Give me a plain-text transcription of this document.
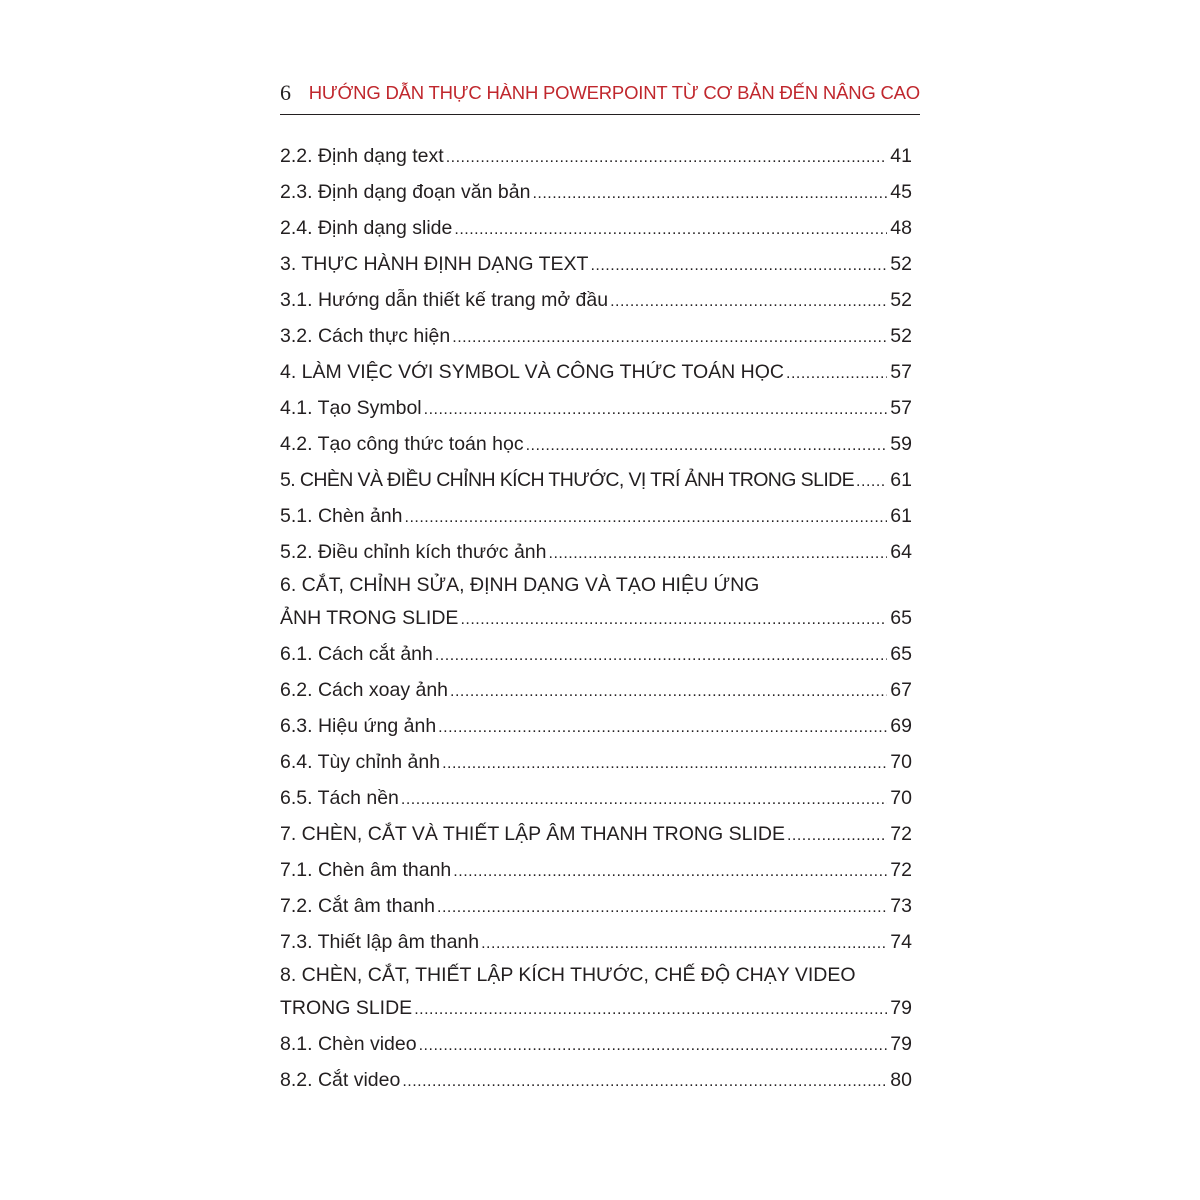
6 HƯỚNG DẪN THỰC HÀNH POWERPOINT TỪ CƠ BẢN ĐẾN NÂNG CAO
2.2. Định dạng text .....	41
2.3. Định dạng đoạn văn bản .....	45
2.4. Định dạng slide .....	48
3. THỰC HÀNH ĐỊNH DẠNG TEXT .....	52
3.1. Hướng dẫn thiết kế trang mở đầu .....	52
3.2. Cách thực hiện .....	52
4. LÀM VIỆC VỚI SYMBOL VÀ CÔNG THỨC TOÁN HỌC .....	57
4.1. Tạo Symbol .....	57
4.2. Tạo công thức toán học .....	59
5. CHÈN VÀ ĐIỀU CHỈNH KÍCH THƯỚC, VỊ TRÍ ẢNH TRONG SLIDE ..... 61
5.1. Chèn ảnh .....	61
5.2. Điều chỉnh kích thước ảnh .....	64
6. CẮT, CHỈNH SỬA, ĐỊNH DẠNG VÀ TẠO HIỆU ỨNG
ẢNH TRONG SLIDE .....	65
6.1. Cách cắt ảnh .....	65
6.2. Cách xoay ảnh .....	67
6.3. Hiệu ứng ảnh .....	69
6.4. Tùy chỉnh ảnh .....	70
6.5. Tách nền .....	70
7. CHÈN, CẮT VÀ THIẾT LẬP ÂM THANH TRONG SLIDE .....	72
7.1. Chèn âm thanh .....	72
7.2. Cắt âm thanh .....	73
7.3. Thiết lập âm thanh .....	74
8. CHÈN, CẮT, THIẾT LẬP KÍCH THƯỚC, CHẾ ĐỘ CHẠY VIDEO
TRONG SLIDE .....	79
8.1. Chèn video .....	79
8.2. Cắt video .....	80
